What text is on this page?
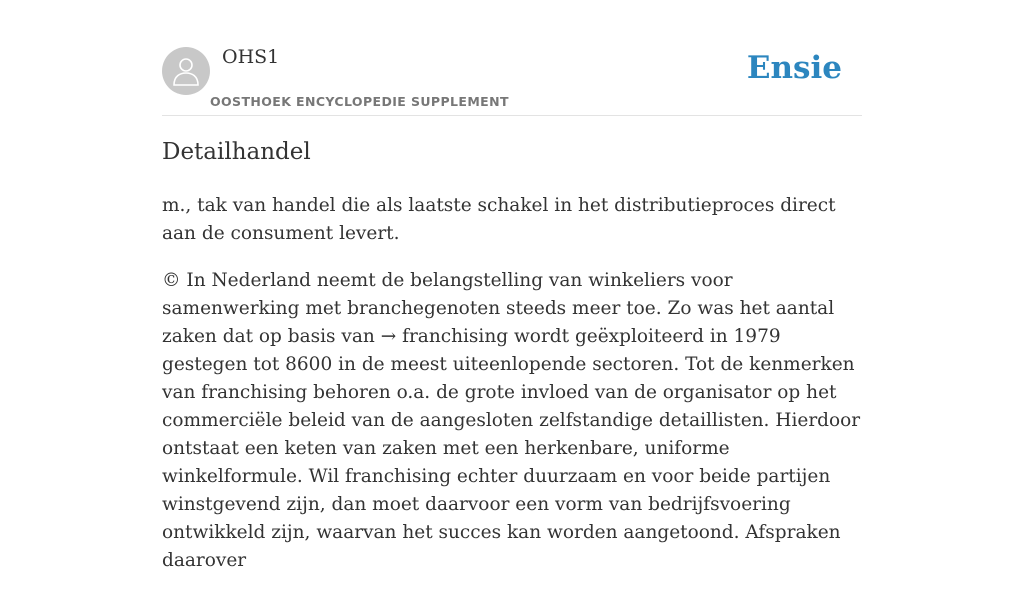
OHS1
OOSTHOEK ENCYCLOPEDIE SUPPLEMENT
Ensie
Detailhandel

m., tak van handel die als laatste schakel in het distributieproces direct aan de consument levert.

© In Nederland neemt de belangstelling van winkeliers voor samenwerking met branchegenoten steeds meer toe. Zo was het aantal zaken dat op basis van → franchising wordt geëxploiteerd in 1979 gestegen tot 8600 in de meest uiteenlopende sectoren. Tot de kenmerken van franchising behoren o.a. de grote invloed van de organisator op het commerciële beleid van de aangesloten zelfstandige detaillisten. Hierdoor ontstaat een keten van zaken met een herkenbare, uniforme winkelformule. Wil franchising echter duurzaam en voor beide partijen winstgevend zijn, dan moet daarvoor een vorm van bedrijfsvoering ontwikkeld zijn, waarvan het succes kan worden aangetoond. Afspraken daarover
